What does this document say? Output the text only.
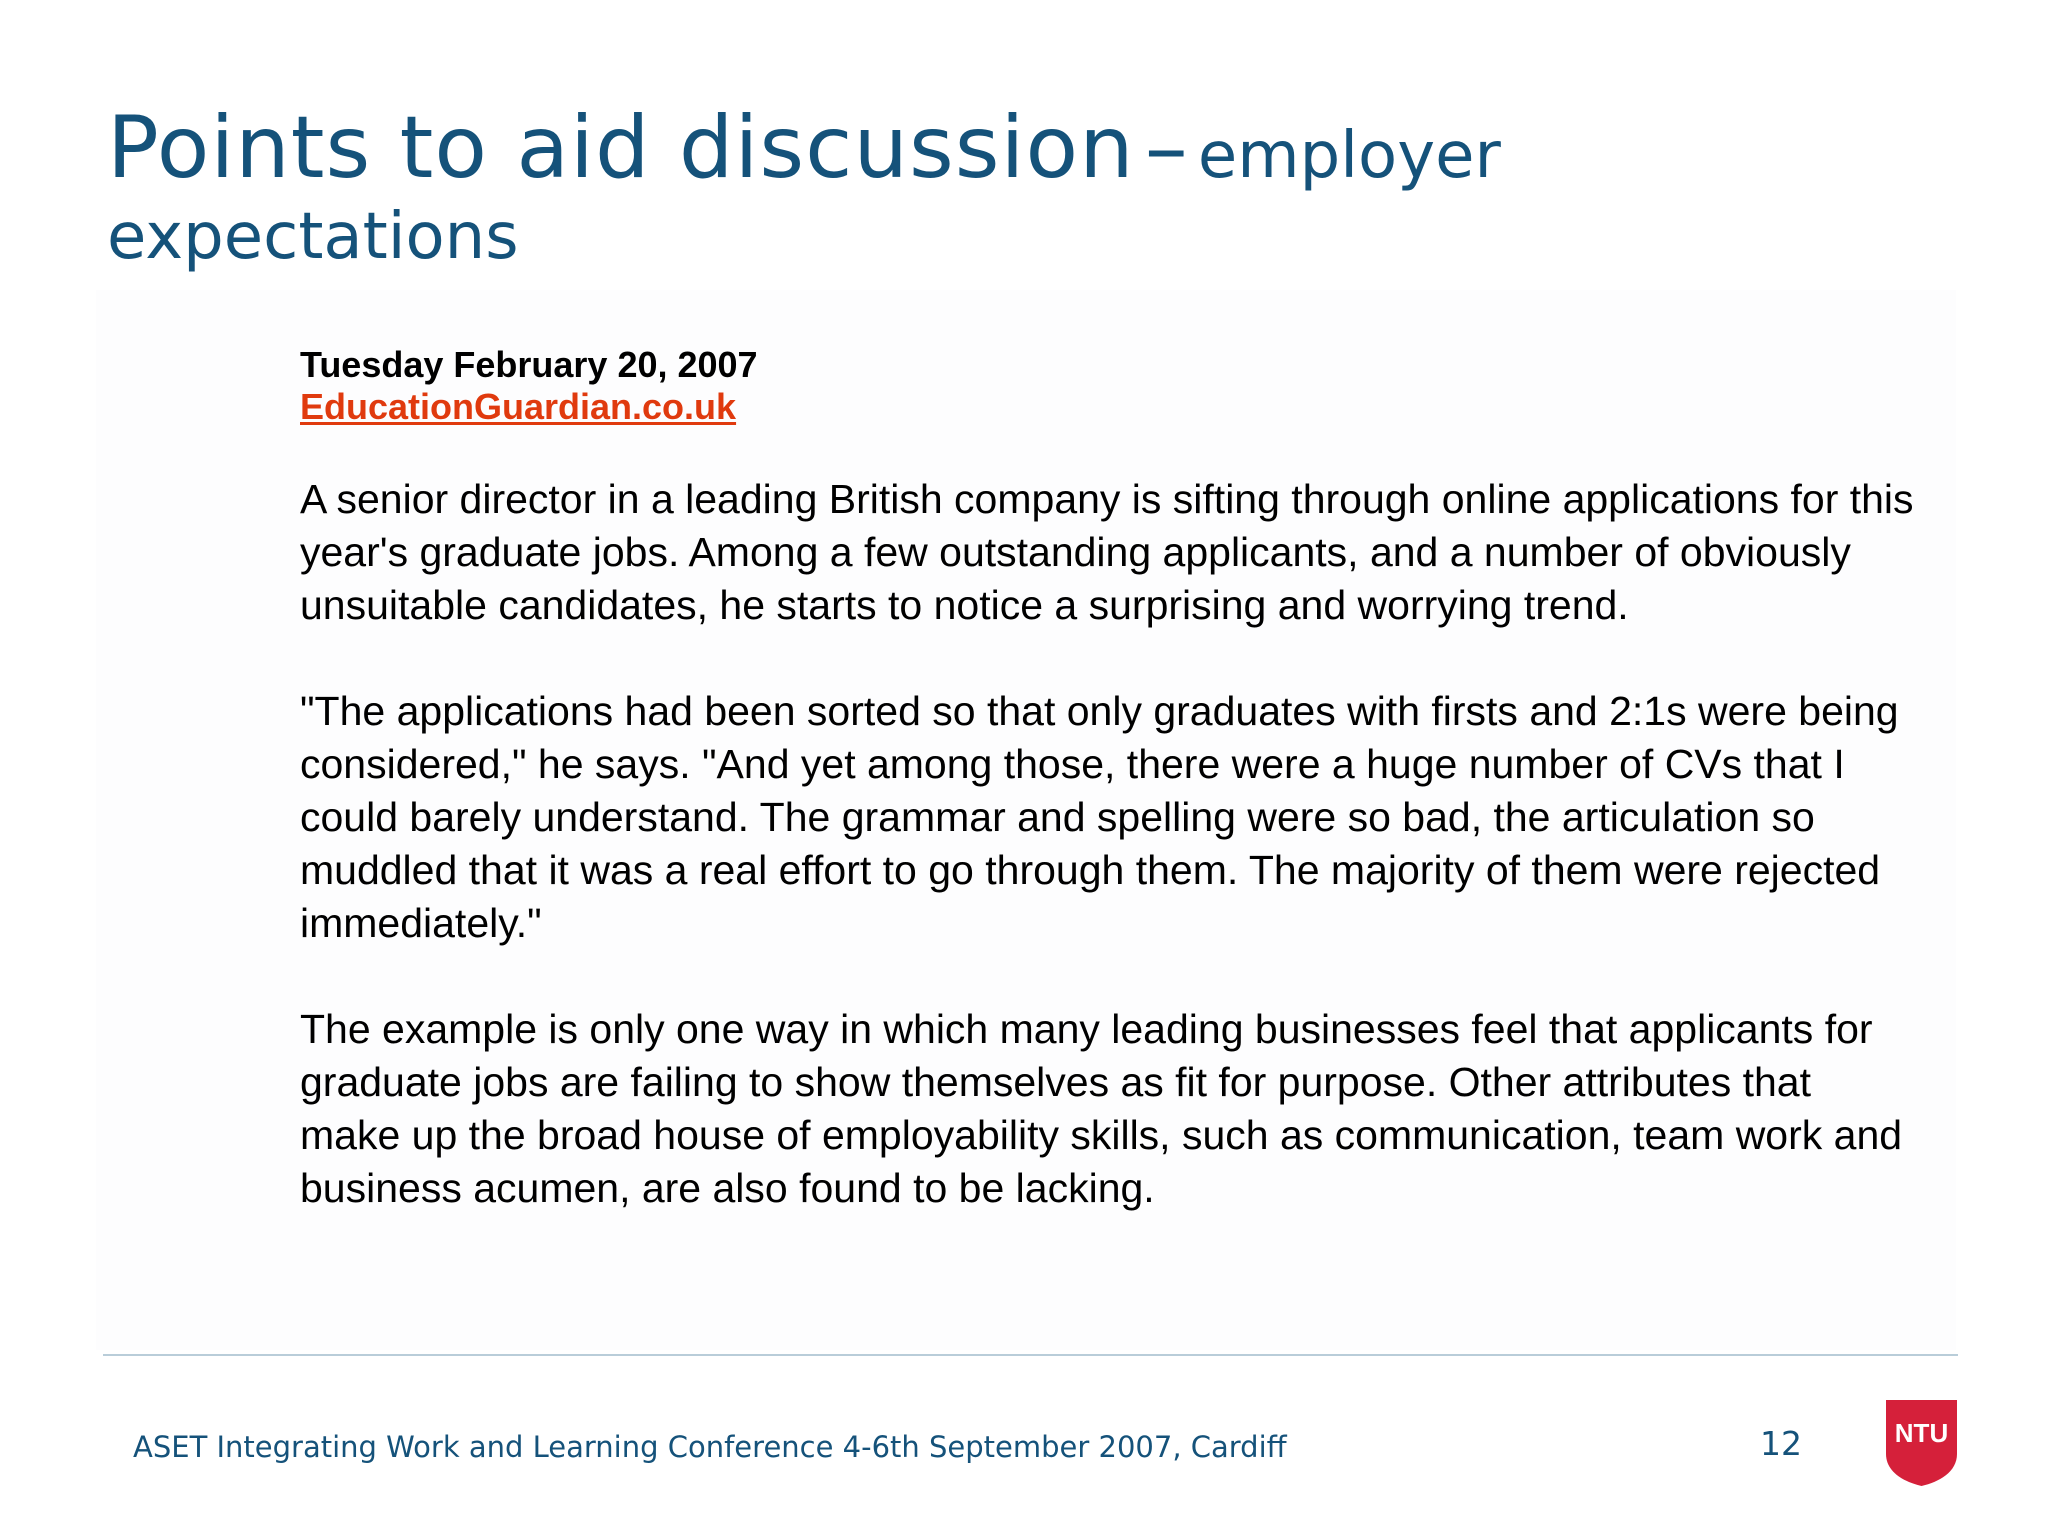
Points to aid discussion – employer
expectations
Tuesday February 20, 2007
EducationGuardian.co.uk

A senior director in a leading British company is sifting through online applications for this year's graduate jobs. Among a few outstanding applicants, and a number of obviously unsuitable candidates, he starts to notice a surprising and worrying trend.

"The applications had been sorted so that only graduates with firsts and 2:1s were being considered," he says. "And yet among those, there were a huge number of CVs that I could barely understand. The grammar and spelling were so bad, the articulation so muddled that it was a real effort to go through them. The majority of them were rejected immediately."

The example is only one way in which many leading businesses feel that applicants for graduate jobs are failing to show themselves as fit for purpose. Other attributes that make up the broad house of employability skills, such as communication, team work and business acumen, are also found to be lacking.

ASET Integrating Work and Learning Conference 4-6th September 2007, Cardiff	12	NTU
